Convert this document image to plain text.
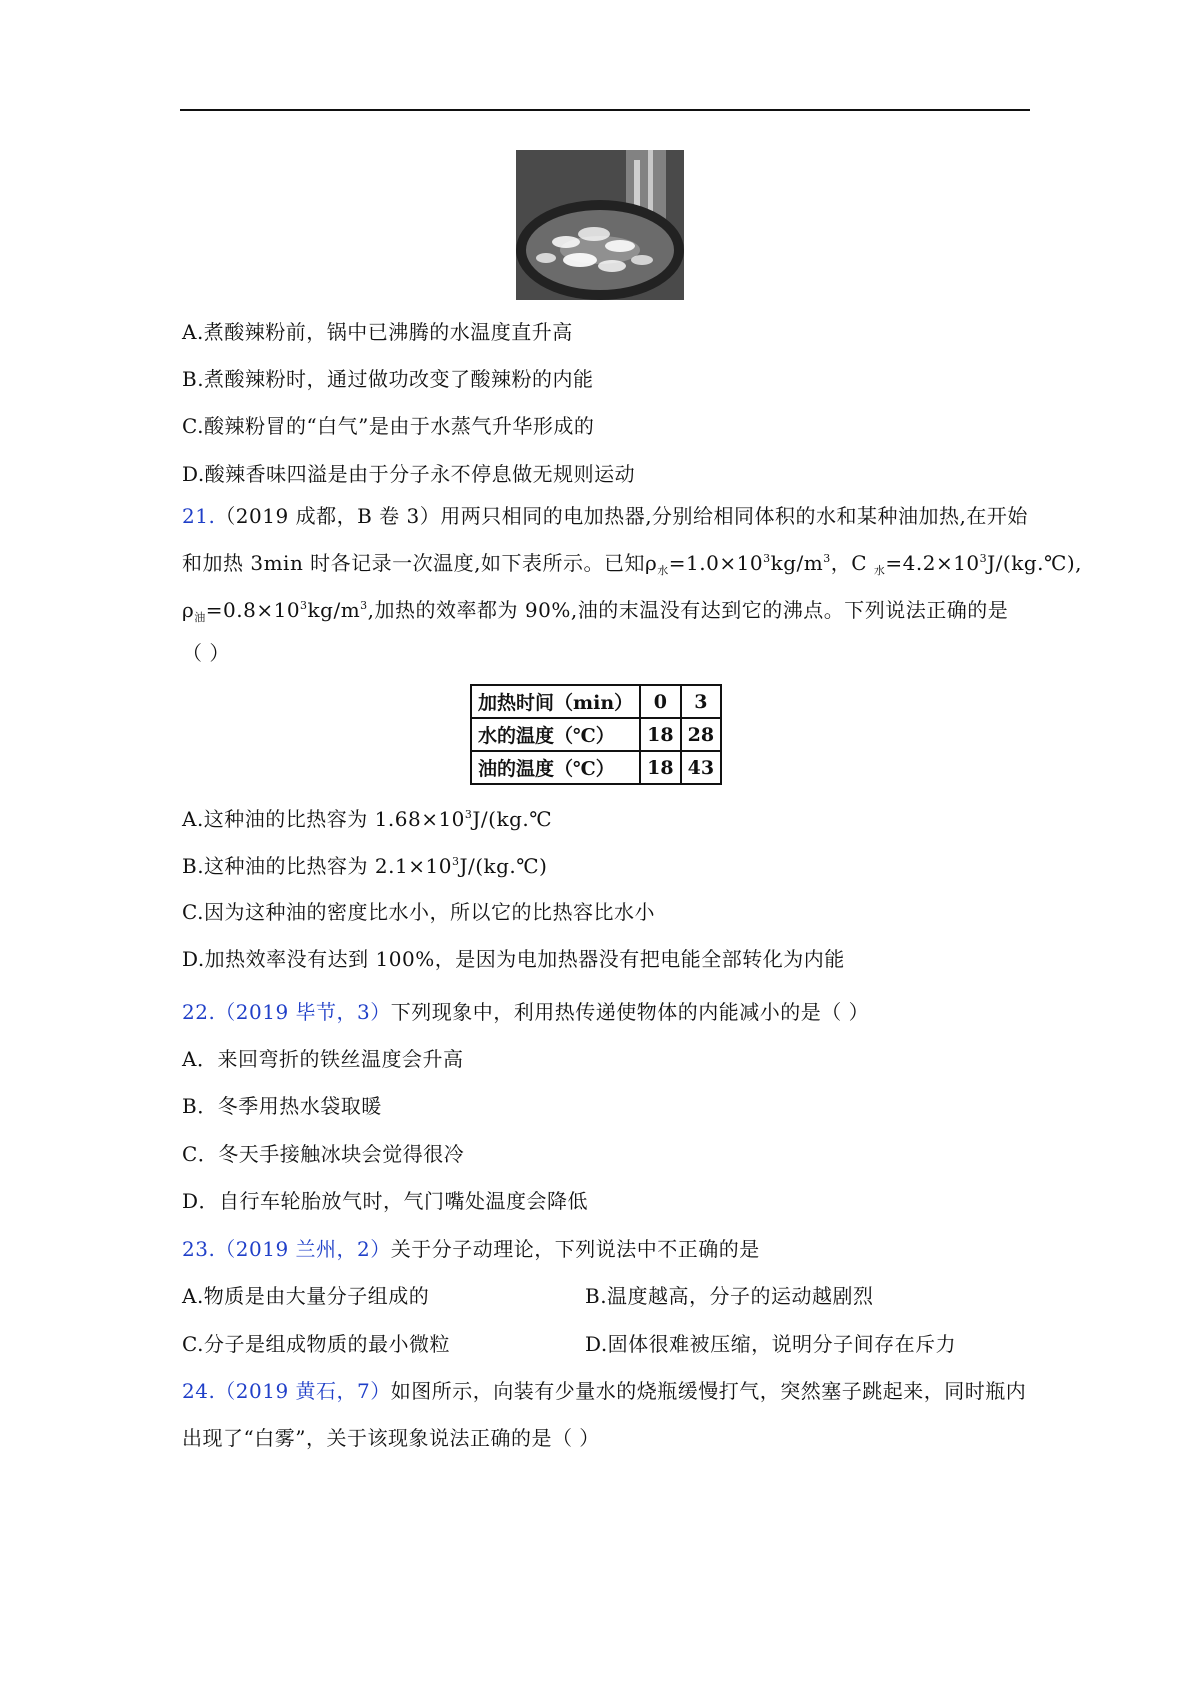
A.煮酸辣粉前，锅中已沸腾的水温度直升高
B.煮酸辣粉时，通过做功改变了酸辣粉的内能
C.酸辣粉冒的“白气”是由于水蒸气升华形成的
D.酸辣香味四溢是由于分子永不停息做无规则运动
21.（2019 成都，B 卷 3）用两只相同的电加热器,分别给相同体积的水和某种油加热,在开始
和加热 3min 时各记录一次温度,如下表所示。已知$\rho_水=1.0\times 10^3kg/m^3$，C $_水=4.2\times 10^3J/(kg.℃)$,
$\rho_油=0.8\times 10^3kg/m^3$,加热的效率都为 90%,油的末温没有达到它的沸点。下列说法正确的是
（ ）
加热时间（min）	0	3
水的温度（℃）	18	28
油的温度（℃）	18	43
A.这种油的比热容为 $1.68\times 10^3J/(kg.℃$
B.这种油的比热容为 $2.1\times 10^3J/(kg.℃)$
C.因为这种油的密度比水小，所以它的比热容比水小
D.加热效率没有达到 100%，是因为电加热器没有把电能全部转化为内能
22.（2019 毕节，3）下列现象中，利用热传递使物体的内能减小的是（ ）
A．来回弯折的铁丝温度会升高
B．冬季用热水袋取暖
C．冬天手接触冰块会觉得很冷
D．自行车轮胎放气时，气门嘴处温度会降低
23.（2019 兰州，2）关于分子动理论，下列说法中不正确的是
A.物质是由大量分子组成的	B.温度越高，分子的运动越剧烈
C.分子是组成物质的最小微粒	D.固体很难被压缩，说明分子间存在斥力
24.（2019 黄石，7）如图所示，向装有少量水的烧瓶缓慢打气，突然塞子跳起来，同时瓶内
出现了“白雾”，关于该现象说法正确的是（ ）
